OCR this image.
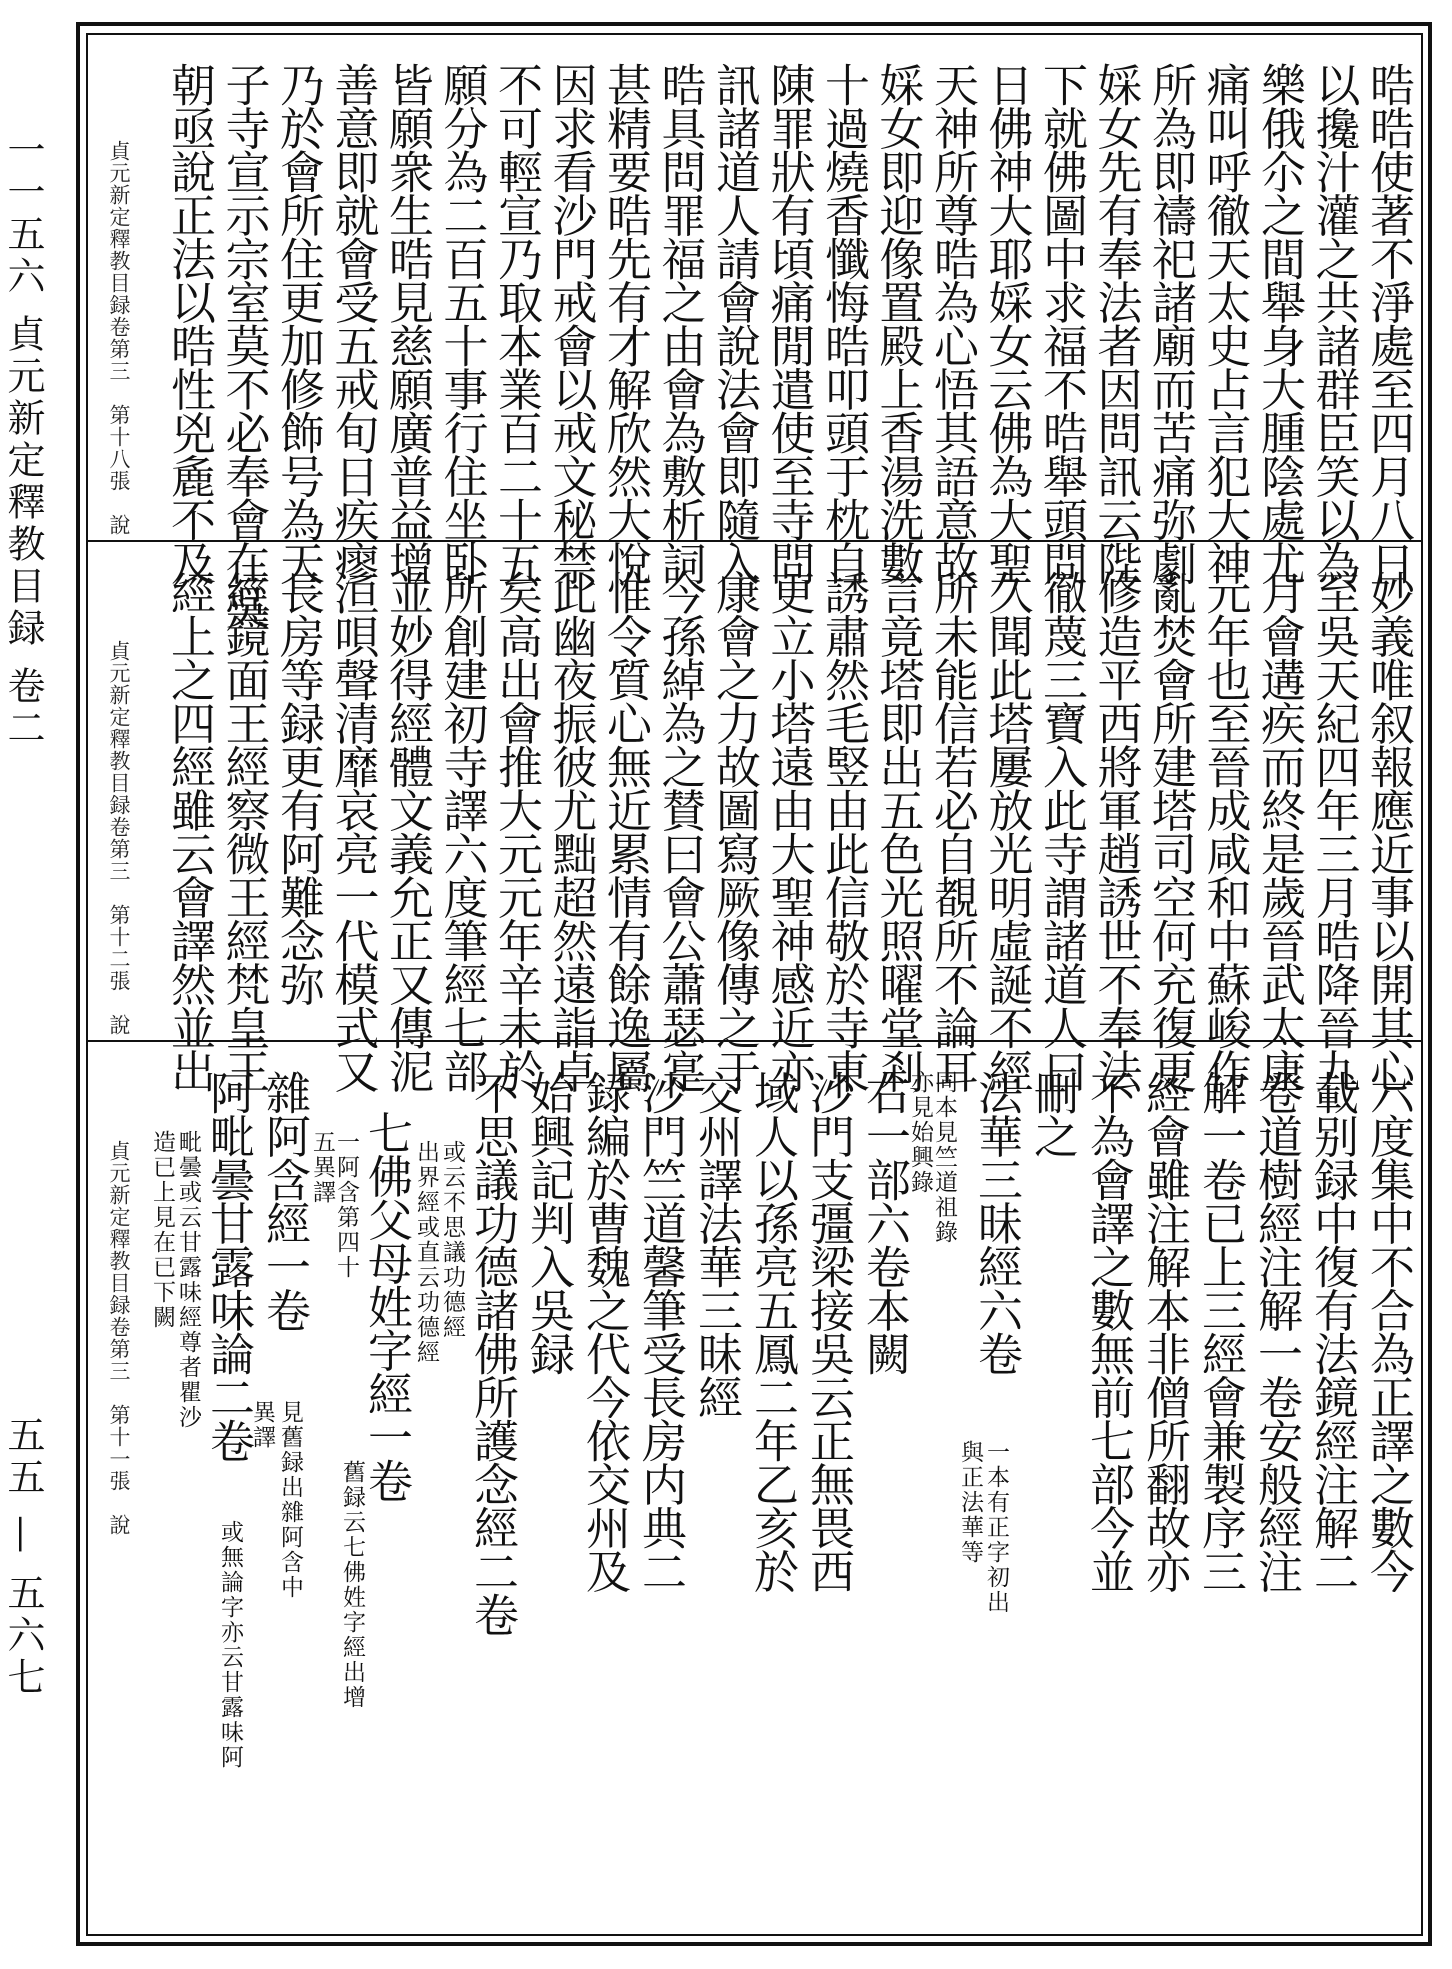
一一五六 貞元新定釋教目録 卷二
五五 — 五六七
晧晧使著不淨處至四月八日
以攙汁灌之共諸群臣笑以為
樂俄尒之間舉身大腫陰處尤
痛叫呼徹天太史占言犯大神
所為即禱祀諸廟而苦痛弥劇
婇女先有奉法者因問訊云陛
下就佛圖中求福不晧舉頭問
日佛神大耶婇女云佛為大聖
天神所尊晧為心悟其語意故
婇女即迎像置殿上香湯洗數
十過燒香懺悔晧叩頭于枕自
陳罪狀有頃痛閒遣使至寺問
訊諸道人請會說法會即隨入
晧具問罪福之由會為敷析詞
甚精要晧先有才解欣然大悅
因求看沙門戒會以戒文秘禁
不可輕宣乃取本業百二十五
願分為二百五十事行住坐卧
皆願衆生晧見慈願廣普益增
善意即就會受五戒旬日疾瘳
乃於會所住更加修飾号為天
子寺宣示宗室莫不必奉會在吳
朝亟說正法以晧性兇麁不及
貞元新定釋教目録卷第三　第十八張　說
妙義唯叙報應近事以開其心
至吳天紀四年三月晧降晉九
月會遘疾而終是歲晉武太康
元年也至晉成咸和中蘇峻作
亂焚會所建塔司空何充復更
修造平西將軍趙誘世不奉法
徹蔑三寶入此寺謂諸道人曰
久聞此塔屢放光明虛誕不經
所未能信若必自覩所不論耳
言竟塔即出五色光照曜堂剎
誘肅然毛竪由此信敬於寺東
更立小塔遠由大聖神感近亦
康會之力故圖寫厥像傳之于
今孫綽為之賛曰會公蕭瑟寔
惟令質心無近累情有餘逸屬
此幽夜振彼尤黜超然遠詣卓
矣高出會推大元元年辛未於
所創建初寺譯六度筆經七部
並妙得經體文義允正又傳泥
洹唄聲清靡哀亮一代模式又
長房等録更有阿難念弥
經鏡面王經察微王經梵皇王
經上之四經雖云會譯然並出
貞元新定釋教目録卷第三　第十二張　說
六度集中不合為正譯之數今
載别録中復有法鏡經注解二
卷道樹經注解一卷安般經注
解一卷已上三經會兼製序三
經會雖注解本非僧所翻故亦
不為會譯之數無前七部今並
刪之
法華三昧經六卷
一本有正字初出
與正法華等
同本見竺道祖錄
亦見始興錄
右一部六卷本闕
沙門支彊梁接吳云正無畏西
域人以孫亮五鳳二年乙亥於
交州譯法華三昧經
沙門竺道馨筆受長房内典二
録編於曹魏之代今依交州及
始興記判入吳録
不思議功德諸佛所護念經二卷
或云不思議功德經
出界經或直云功德經
七佛父母姓字經一卷
一阿含第四十
五異譯
舊録云七佛姓字經出增
雜阿含經一卷
見舊録出雜阿含中
異譯
阿毗曇甘露味論二卷
或無論字亦云甘露味阿
毗曇或云甘露味經尊者瞿沙
造已上見在已下闕
貞元新定釋教目録卷第三　第十一張　說
